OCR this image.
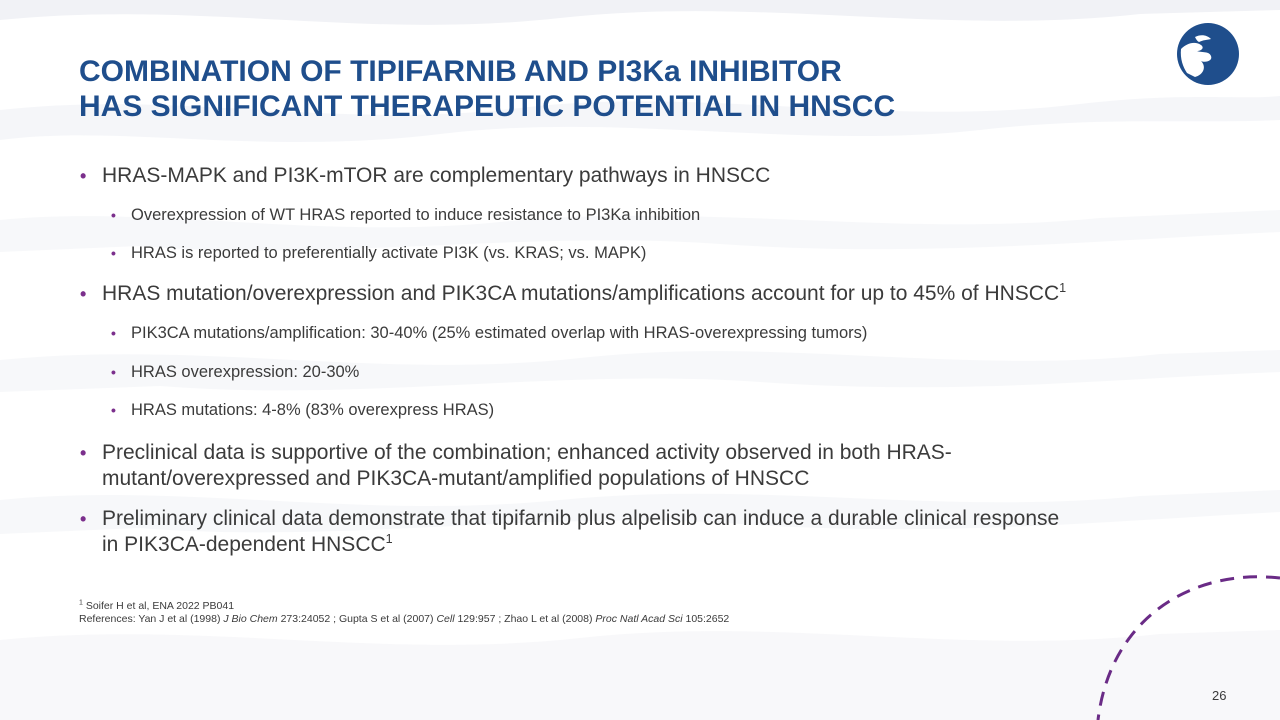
COMBINATION OF TIPIFARNIB AND PI3Ka INHIBITOR
HAS SIGNIFICANT THERAPEUTIC POTENTIAL IN HNSCC
• HRAS-MAPK and PI3K-mTOR are complementary pathways in HNSCC
• Overexpression of WT HRAS reported to induce resistance to PI3Ka inhibition
• HRAS is reported to preferentially activate PI3K (vs. KRAS; vs. MAPK)
• HRAS mutation/overexpression and PIK3CA mutations/amplifications account for up to 45% of HNSCC$^1$
• PIK3CA mutations/amplification: 30-40% (25% estimated overlap with HRAS-overexpressing tumors)
• HRAS overexpression: 20-30%
• HRAS mutations: 4-8% (83% overexpress HRAS)
• Preclinical data is supportive of the combination; enhanced activity observed in both HRAS-
mutant/overexpressed and PIK3CA-mutant/amplified populations of HNSCC
• Preliminary clinical data demonstrate that tipifarnib plus alpelisib can induce a durable clinical response
in PIK3CA-dependent HNSCC$^1$
$^1$ Soifer H et al, ENA 2022 PB041
References: Yan J et al (1998) J Bio Chem 273:24052 ; Gupta S et al (2007) Cell 129:957 ; Zhao L et al (2008) Proc Natl Acad Sci 105:2652
26
